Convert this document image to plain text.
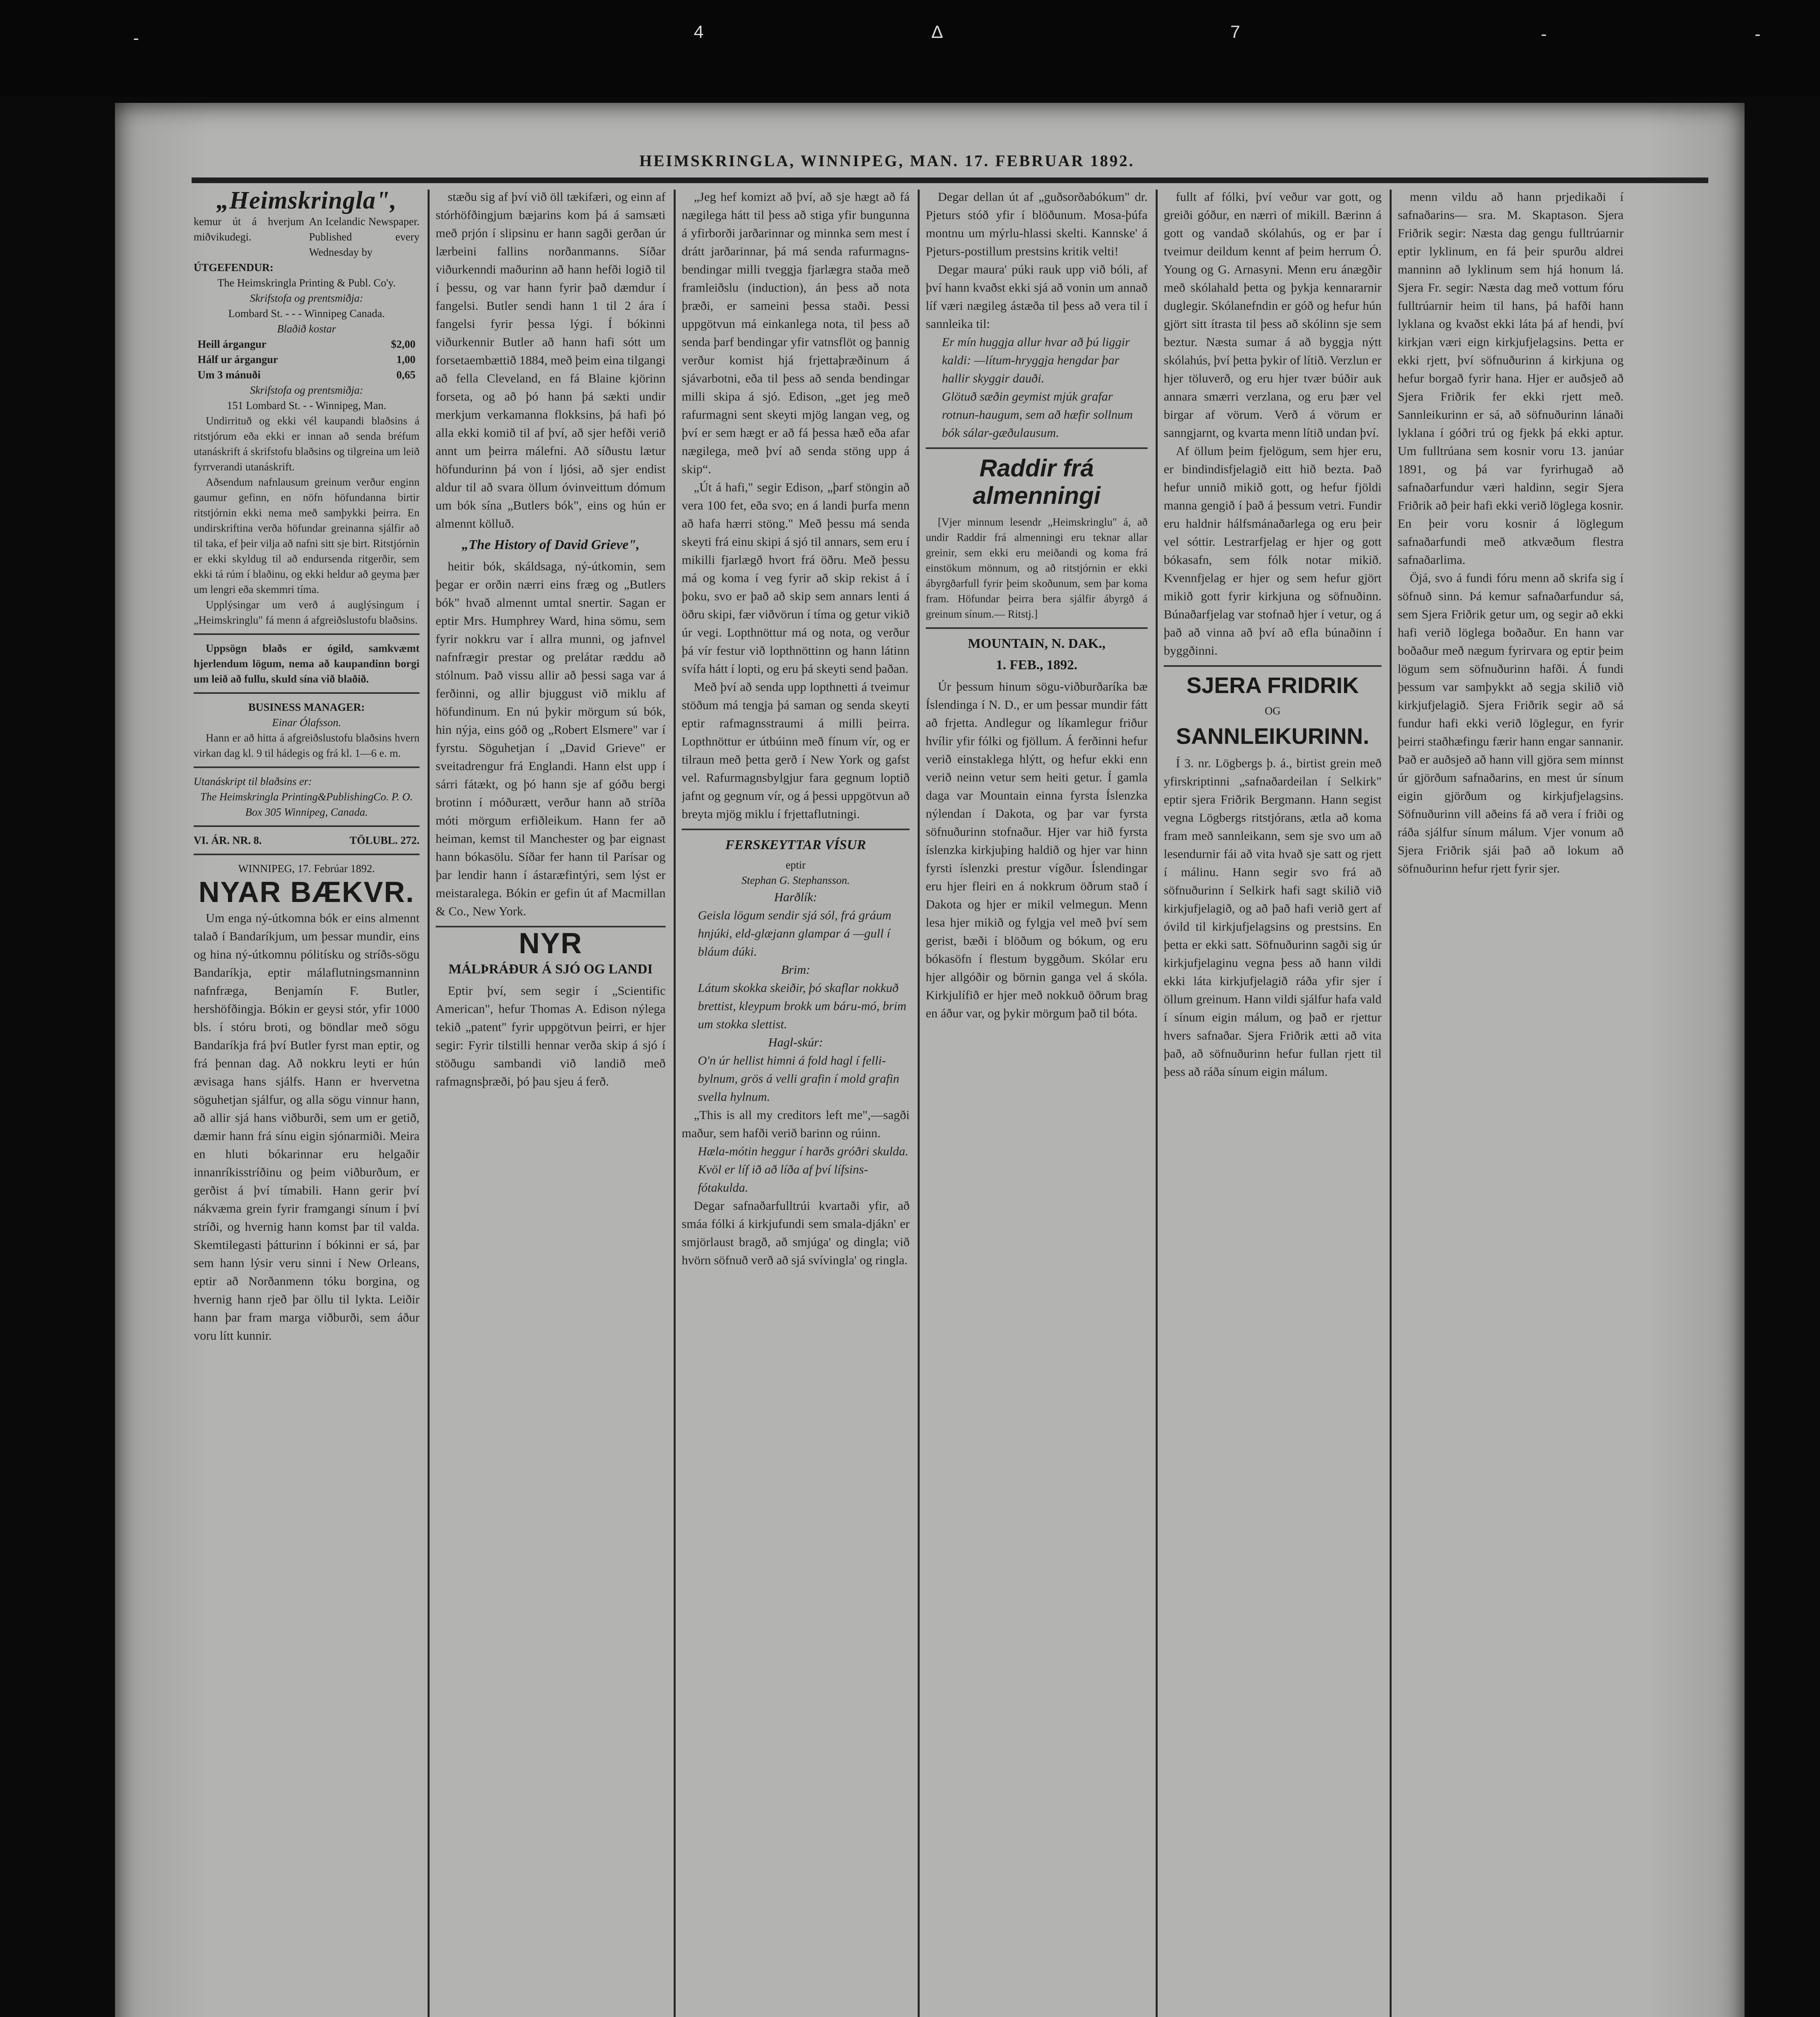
-	4	∆	7	-	-
HEIMSKRINGLA, WINNIPEG, MAN. 17. FEBRUAR 1892.
„Heimskringla",
kemur út á hverjum miðvikudegi.
An Icelandic Newspaper. Published every Wednesday by
ÚTGEFENDUR:
The Heimskringla Printing & Publ. Co'y.
Skrifstofa og prentsmiðja:
Lombard St. - - - Winnipeg Canada.
Blaðið kostar
Heill árgangur	$2,00
Hálf ur árgangur	1,00
Um 3 mánuði	0,65
Skrifstofa og prentsmiðja:
151 Lombard St. - - Winnipeg, Man.

Undirrituð og ekki vél kaupandi blaðsins á ritstjórum eða ekki er innan að senda bréfum utanáskrift á skrifstofu blaðsins og tilgreina um leið fyrrverandi utanáskrift.

Aðsendum nafnlausum greinum verður enginn gaumur gefinn, en nöfn höfundanna birtir ritstjórnin ekki nema með samþykki þeirra. En undirskriftina verða höfundar greinanna sjálfir að til taka, ef þeir vilja að nafni sitt sje birt. Ritstjórnin er ekki skyldug til að endursenda ritgerðir, sem ekki tá rúm í blaðinu, og ekki heldur að geyma þær um lengri eða skemmri tíma.

Upplýsingar um verð á auglýsingum í „Heimskringlu" fá menn á afgreiðslustofu blaðsins.

Uppsögn blaðs er ógild, samkvæmt hjerlendum lögum, nema að kaupandinn borgi um leið að fullu, skuld sína við blaðið.

BUSINESS MANAGER:
Einar Ólafsson.

Hann er að hitta á afgreiðslustofu blaðsins hvern virkan dag kl. 9 til hádegis og frá kl. 1—6 e. m.

Utanáskript til blaðsins er:
The Heimskringla Printing&PublishingCo. P. O. Box 305 Winnipeg, Canada.
VI. ÁR. NR. 8.	TÖLUBL. 272.
WINNIPEG, 17. Febrúar 1892.
NYAR BÆKVR.

Um enga ný-útkomna bók er eins almennt talað í Bandaríkjum, um þessar mundir, eins og hina ný-útkomnu pólitísku og stríðs-sögu Bandaríkja, eptir málaflutningsmanninn nafnfræga, Benjamín F. Butler, hershöfðingja. Bókin er geysi stór, yfir 1000 bls. í stóru broti, og böndlar með sögu Bandaríkja frá því Butler fyrst man eptir, og frá þennan dag. Að nokkru leyti er hún ævisaga hans sjálfs. Hann er hvervetna söguhetjan sjálfur, og alla sögu vinnur hann, að allir sjá hans viðburði, sem um er getið, dæmir hann frá sínu eigin sjónarmiði. Meira en hluti bókarinnar eru helgaðir innanríkisstríðinu og þeim viðburðum, er gerðist á því tímabili. Hann gerir því nákvæma grein fyrir framgangi sínum í því stríði, og hvernig hann komst þar til valda. Skemtilegasti þátturinn í bókinni er sá, þar sem hann lýsir veru sinni í New Orleans, eptir að Norðanmenn tóku borgina, og hvernig hann rjeð þar öllu til lykta. Leiðir hann þar fram marga viðburði, sem áður voru lítt kunnir.

stæðu sig af því við öll tækifæri, og einn af stórhöfðingjum bæjarins kom þá á samsæti með prjón í slipsinu er hann sagði gerðan úr lærbeini fallins norðanmanns. Síðar viðurkenndi maðurinn að hann hefði logið til í þessu, og var hann fyrir það dæmdur í fangelsi. Butler sendi hann 1 til 2 ára í fangelsi fyrir þessa lýgi. Í bókinni viðurkennir Butler að hann hafi sótt um forsetaembættið 1884, með þeim eina tilgangi að fella Cleveland, en fá Blaine kjörinn forseta, og að þó hann þá sækti undir merkjum verkamanna flokksins, þá hafi þó alla ekki komið til af því, að sjer hefði verið annt um þeirra málefni. Að síðustu lætur höfundurinn þá von í ljósi, að sjer endist aldur til að svara öllum óvinveittum dómum um bók sína „Butlers bók", eins og hún er almennt kölluð.

„The History of David Grieve",

heitir bók, skáldsaga, ný-útkomin, sem þegar er orðin nærri eins fræg og „Butlers bók" hvað almennt umtal snertir. Sagan er eptir Mrs. Humphrey Ward, hina sömu, sem fyrir nokkru var í allra munni, og jafnvel nafnfrægir prestar og prelátar ræddu að stólnum. Það vissu allir að þessi saga var á ferðinni, og allir bjuggust við miklu af höfundinum. En nú þykir mörgum sú bók, hin nýja, eins góð og „Robert Elsmere" var í fyrstu. Söguhetjan í „David Grieve" er sveitadrengur frá Englandi. Hann elst upp í sárri fátækt, og þó hann sje af góðu bergi brotinn í móðurætt, verður hann að stríða móti mörgum erfiðleikum. Hann fer að heiman, kemst til Manchester og þar eignast hann bókasölu. Síðar fer hann til Parísar og þar lendir hann í ástaræfintýri, sem lýst er meistaralega. Bókin er gefin út af Macmillan & Co., New York.

NYR
MÁLÞRÁÐUR Á SJÓ OG LANDI

Eptir því, sem segir í „Scientific American", hefur Thomas A. Edison nýlega tekið „patent" fyrir uppgötvun þeirri, er hjer segir: Fyrir tilstilli hennar verða skip á sjó í stöðugu sambandi við landið með rafmagnsþræði, þó þau sjeu á ferð.

„Jeg hef komizt að því, að sje hægt að fá nægilega hátt til þess að stiga yfir bungunna á yfirborði jarðarinnar og minnka sem mest í drátt jarðarinnar, þá má senda rafurmagns-bendingar milli tveggja fjarlægra staða með framleiðslu (induction), án þess að nota þræði, er sameini þessa staði. Þessi uppgötvun má einkanlega nota, til þess að senda þarf bendingar yfir vatnsflöt og þannig verður komist hjá frjettaþræðinum á sjávarbotni, eða til þess að senda bendingar milli skipa á sjó. Edison, „get jeg með rafurmagni sent skeyti mjög langan veg, og því er sem hægt er að fá þessa hæð eða afar nægilega, með því að senda stöng upp á skip“.

„Út á hafi," segir Edison, „þarf stöngin að vera 100 fet, eða svo; en á landi þurfa menn að hafa hærri stöng." Með þessu má senda skeyti frá einu skipi á sjó til annars, sem eru í mikilli fjarlægð hvort frá öðru. Með þessu má og koma í veg fyrir að skip rekist á í þoku, svo er það að skip sem annars lenti á öðru skipi, fær viðvörun í tíma og getur vikið úr vegi. Lopthnöttur má og nota, og verður þá vír festur við lopthnöttinn og hann látinn svífa hátt í lopti, og eru þá skeyti send þaðan.

Með því að senda upp lopthnetti á tveimur stöðum má tengja þá saman og senda skeyti eptir rafmagnsstraumi á milli þeirra. Lopthnöttur er útbúinn með fínum vír, og er tilraun með þetta gerð í New York og gafst vel. Rafurmagnsbylgjur fara gegnum loptið jafnt og gegnum vír, og á þessi uppgötvun að breyta mjög miklu í frjettaflutningi.

FERSKEYTTAR VÍSUR
eptir
Stephan G. Stephansson.
Harðlík:

Geisla lögum sendir sjá sól, frá gráum hnjúki, eld-glæjann glampar á —gull í bláum dúki.

Brim:

Látum skokka skeiðir, þó skaflar nokkuð brettist, kleypum brokk um báru-mó, brim um stokka slettist.

Hagl-skúr:

O'n úr hellist himni á fold hagl í felli-bylnum, grös á velli grafin í mold grafin svella hylnum.

„This is all my creditors left me",—sagði maður, sem hafði verið barinn og rúinn.

Hæla-mótin heggur í harðs gróðri skulda. Kvöl er líf ið að líða af því lífsins-fótakulda.

Degar safnaðarfulltrúi kvartaði yfir, að smáa fólki á kirkjufundi sem smala-djákn' er smjörlaust bragð, að smjúga' og dingla; við hvörn söfnuð verð að sjá svívingla' og ringla.

Degar dellan út af „guðsorðabókum" dr. Pjeturs stóð yfir í blöðunum. Mosa-þúfa montnu um mýrlu-hlassi skelti. Kannske' á Pjeturs-postillum prestsins kritik velti!

Degar maura' púki rauk upp við bóli, af því hann kvaðst ekki sjá að vonin um annað líf væri nægileg ástæða til þess að vera til í sannleika til:

Er mín huggja allur hvar að þú liggir kaldi: —lítum-hryggja hengdar þar hallir skyggir dauði.

Glötuð sæðin geymist mjúk grafar rotnun-haugum, sem að hæfir sollnum bók sálar-gæðulausum.

Raddir frá almenningi

[Vjer minnum lesendr „Heimskringlu" á, að undir Raddir frá almenningi eru teknar allar greinir, sem ekki eru meiðandi og koma frá einstökum mönnum, og að ritstjórnin er ekki ábyrgðarfull fyrir þeim skoðunum, sem þar koma fram. Höfundar þeirra bera sjálfir ábyrgð á greinum sínum.— Ritstj.]

MOUNTAIN, N. DAK.,
1. FEB., 1892.

Úr þessum hinum sögu-viðburðaríka bæ Íslendinga í N. D., er um þessar mundir fátt að frjetta. Andlegur og líkamlegur friður hvílir yfir fólki og fjöllum. Á ferðinni hefur verið einstaklega hlýtt, og hefur ekki enn verið neinn vetur sem heiti getur. Í gamla daga var Mountain einna fyrsta Íslenzka nýlendan í Dakota, og þar var fyrsta söfnuðurinn stofnaður. Hjer var hið fyrsta íslenzka kirkjuþing haldið og hjer var hinn fyrsti íslenzki prestur vígður. Íslendingar eru hjer fleiri en á nokkrum öðrum stað í Dakota og hjer er mikil velmegun. Menn lesa hjer mikið og fylgja vel með því sem gerist, bæði í blöðum og bókum, og eru bókasöfn í flestum byggðum. Skólar eru hjer allgóðir og börnin ganga vel á skóla. Kirkjulífið er hjer með nokkuð öðrum brag en áður var, og þykir mörgum það til bóta.

fullt af fólki, því veður var gott, og greiði góður, en nærri of mikill. Bærinn á gott og vandað skólahús, og er þar í tveimur deildum kennt af þeim herrum Ó. Young og G. Arnasyni. Menn eru ánægðir með skólahald þetta og þykja kennararnir duglegir. Skólanefndin er góð og hefur hún gjört sitt ítrasta til þess að skólinn sje sem beztur. Næsta sumar á að byggja nýtt skólahús, því þetta þykir of lítið. Verzlun er hjer töluverð, og eru hjer tvær búðir auk annara smærri verzlana, og eru þær vel birgar af vörum. Verð á vörum er sanngjarnt, og kvarta menn lítið undan því.

Af öllum þeim fjelögum, sem hjer eru, er bindindisfjelagið eitt hið bezta. Það hefur unnið mikið gott, og hefur fjöldi manna gengið í það á þessum vetri. Fundir eru haldnir hálfsmánaðarlega og eru þeir vel sóttir. Lestrarfjelag er hjer og gott bókasafn, sem fólk notar mikið. Kvennfjelag er hjer og sem hefur gjört mikið gott fyrir kirkjuna og söfnuðinn. Búnaðarfjelag var stofnað hjer í vetur, og á það að vinna að því að efla búnaðinn í byggðinni.

SJERA FRIDRIK
OG
SANNLEIKURINN.

Í 3. nr. Lögbergs þ. á., birtist grein með yfirskriptinni „safnaðardeilan í Selkirk" eptir sjera Friðrik Bergmann. Hann segist vegna Lögbergs ritstjórans, ætla að koma fram með sannleikann, sem sje svo um að lesendurnir fái að vita hvað sje satt og rjett í málinu. Hann segir svo frá að söfnuðurinn í Selkirk hafi sagt skilið við kirkjufjelagið, og að það hafi verið gert af óvild til kirkjufjelagsins og prestsins. En þetta er ekki satt. Söfnuðurinn sagði sig úr kirkjufjelaginu vegna þess að hann vildi ekki láta kirkjufjelagið ráða yfir sjer í öllum greinum. Hann vildi sjálfur hafa vald í sínum eigin málum, og það er rjettur hvers safnaðar. Sjera Friðrik ætti að vita það, að söfnuðurinn hefur fullan rjett til þess að ráða sínum eigin málum.

menn vildu að hann prjedikaði í safnaðarins— sra. M. Skaptason. Sjera Friðrik segir: Næsta dag gengu fulltrúarnir eptir lyklinum, en fá þeir spurðu aldrei manninn að lyklinum sem hjá honum lá. Sjera Fr. segir: Næsta dag með vottum fóru fulltrúarnir heim til hans, þá hafði hann lyklana og kvaðst ekki láta þá af hendi, því kirkjan væri eign kirkjufjelagsins. Þetta er ekki rjett, því söfnuðurinn á kirkjuna og hefur borgað fyrir hana. Hjer er auðsjeð að Sjera Friðrik fer ekki rjett með. Sannleikurinn er sá, að söfnuðurinn lánaði lyklana í góðri trú og fjekk þá ekki aptur. Um fulltrúana sem kosnir voru 13. janúar 1891, og þá var fyrirhugað að safnaðarfundur væri haldinn, segir Sjera Friðrik að þeir hafi ekki verið löglega kosnir. En þeir voru kosnir á löglegum safnaðarfundi með atkvæðum flestra safnaðarlima.

Öjá, svo á fundi fóru menn að skrifa sig í söfnuð sinn. Þá kemur safnaðarfundur sá, sem Sjera Friðrik getur um, og segir að ekki hafi verið löglega boðaður. En hann var boðaður með nægum fyrirvara og eptir þeim lögum sem söfnuðurinn hafði. Á fundi þessum var samþykkt að segja skilið við kirkjufjelagið. Sjera Friðrik segir að sá fundur hafi ekki verið löglegur, en fyrir þeirri staðhæfingu færir hann engar sannanir. Það er auðsjeð að hann vill gjöra sem minnst úr gjörðum safnaðarins, en mest úr sínum eigin gjörðum og kirkjufjelagsins. Söfnuðurinn vill aðeins fá að vera í friði og ráða sjálfur sínum málum. Vjer vonum að Sjera Friðrik sjái það að lokum að söfnuðurinn hefur rjett fyrir sjer.
